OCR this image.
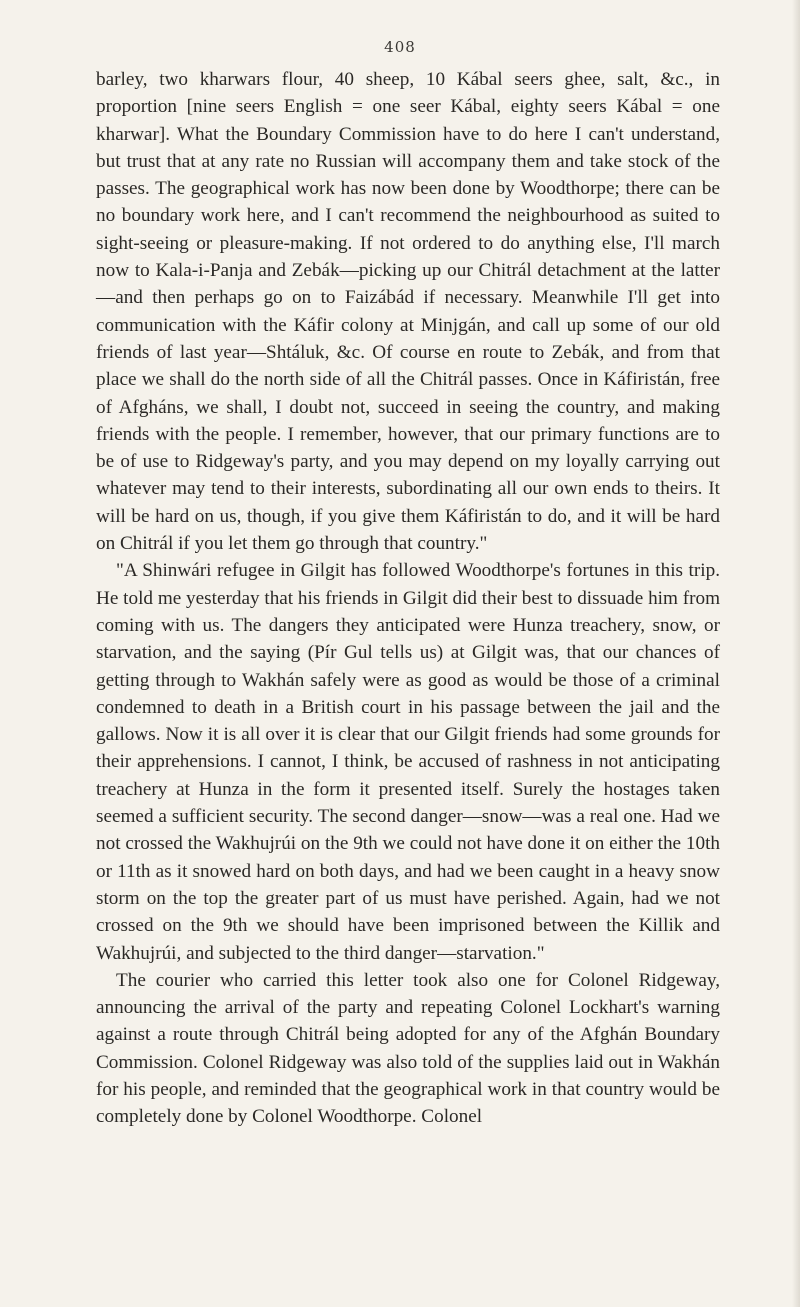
408

barley, two kharwars flour, 40 sheep, 10 Kábal seers ghee, salt, &c., in proportion [nine seers English = one seer Kábal, eighty seers Kábal = one kharwar]. What the Boundary Commission have to do here I can't understand, but trust that at any rate no Russian will accompany them and take stock of the passes. The geographical work has now been done by Woodthorpe; there can be no boundary work here, and I can't recommend the neighbourhood as suited to sight-seeing or pleasure-making. If not ordered to do anything else, I'll march now to Kala-i-Panja and Zebák—picking up our Chitrál detachment at the latter—and then perhaps go on to Faizábád if necessary. Meanwhile I'll get into communication with the Káfir colony at Minjgán, and call up some of our old friends of last year—Shtáluk, &c. Of course en route to Zebák, and from that place we shall do the north side of all the Chitrál passes. Once in Káfiristán, free of Afgháns, we shall, I doubt not, succeed in seeing the country, and making friends with the people. I remember, however, that our primary functions are to be of use to Ridgeway's party, and you may depend on my loyally carrying out whatever may tend to their interests, subordinating all our own ends to theirs. It will be hard on us, though, if you give them Káfiristán to do, and it will be hard on Chitrál if you let them go through that country."

"A Shinwári refugee in Gilgit has followed Woodthorpe's fortunes in this trip. He told me yesterday that his friends in Gilgit did their best to dissuade him from coming with us. The dangers they anticipated were Hunza treachery, snow, or starvation, and the saying (Pír Gul tells us) at Gilgit was, that our chances of getting through to Wakhán safely were as good as would be those of a criminal condemned to death in a British court in his passage between the jail and the gallows. Now it is all over it is clear that our Gilgit friends had some grounds for their apprehensions. I cannot, I think, be accused of rashness in not anticipating treachery at Hunza in the form it presented itself. Surely the hostages taken seemed a sufficient security. The second danger—snow—was a real one. Had we not crossed the Wakhujrúi on the 9th we could not have done it on either the 10th or 11th as it snowed hard on both days, and had we been caught in a heavy snow storm on the top the greater part of us must have perished. Again, had we not crossed on the 9th we should have been imprisoned between the Killik and Wakhujrúi, and subjected to the third danger—starvation."

The courier who carried this letter took also one for Colonel Ridgeway, announcing the arrival of the party and repeating Colonel Lockhart's warning against a route through Chitrál being adopted for any of the Afghán Boundary Commission. Colonel Ridgeway was also told of the supplies laid out in Wakhán for his people, and reminded that the geographical work in that country would be completely done by Colonel Woodthorpe. Colonel
